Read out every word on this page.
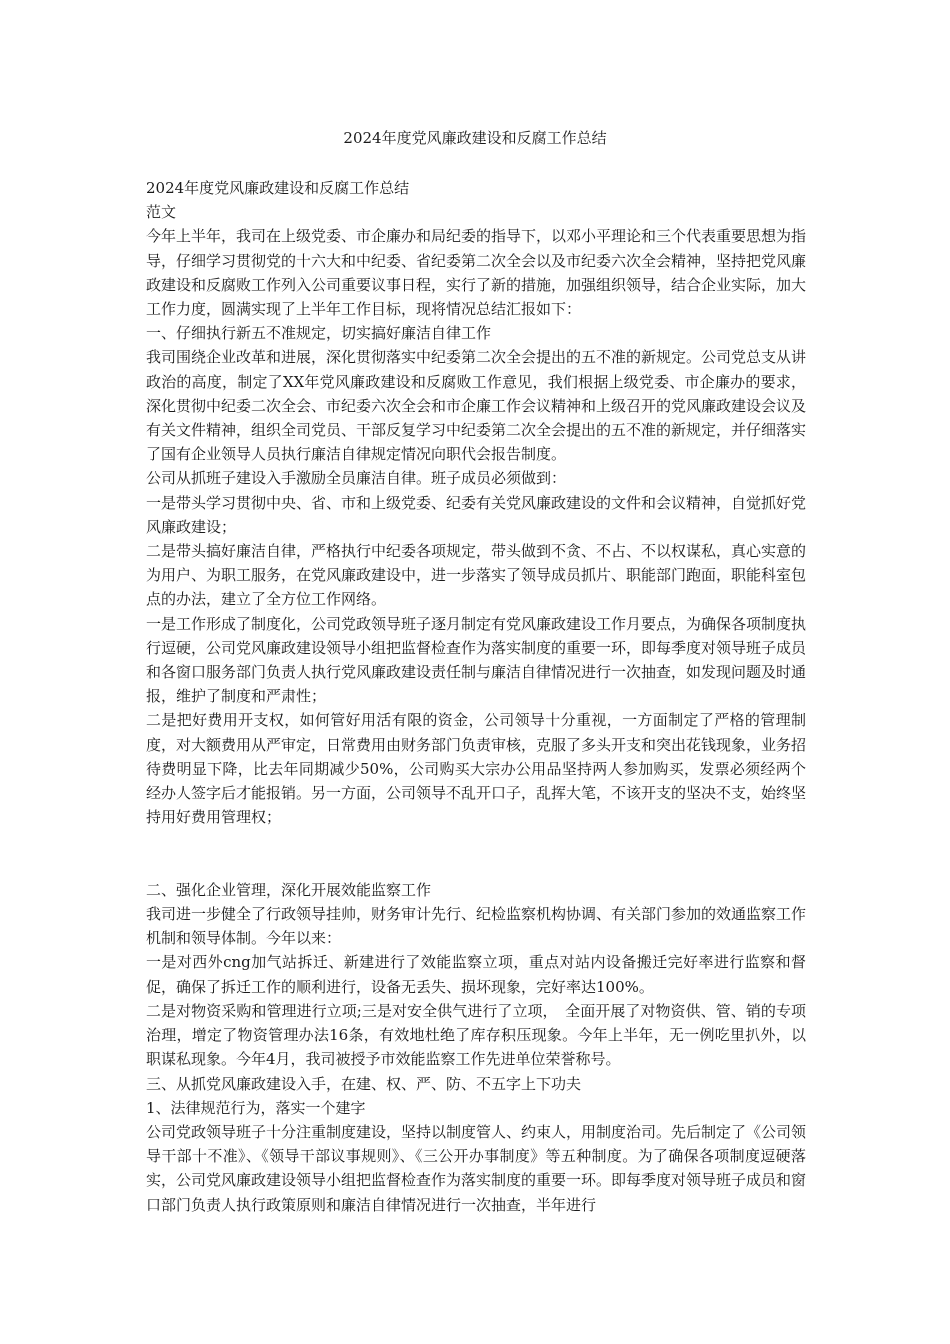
2024年度党风廉政建设和反腐工作总结

2024年度党风廉政建设和反腐工作总结

范文

今年上半年，我司在上级党委、市企廉办和局纪委的指导下，以邓小平理论和三个代表重要思想为指导，仔细学习贯彻党的十六大和中纪委、省纪委第二次全会以及市纪委六次全会精神，坚持把党风廉政建设和反腐败工作列入公司重要议事日程，实行了新的措施，加强组织领导，结合企业实际，加大工作力度，圆满实现了上半年工作目标，现将情况总结汇报如下：

一、仔细执行新五不准规定，切实搞好廉洁自律工作

我司围绕企业改革和进展，深化贯彻落实中纪委第二次全会提出的五不准的新规定。公司党总支从讲政治的高度，制定了XX年党风廉政建设和反腐败工作意见，我们根据上级党委、市企廉办的要求，深化贯彻中纪委二次全会、市纪委六次全会和市企廉工作会议精神和上级召开的党风廉政建设会议及有关文件精神，组织全司党员、干部反复学习中纪委第二次全会提出的五不准的新规定，并仔细落实了国有企业领导人员执行廉洁自律规定情况向职代会报告制度。

公司从抓班子建设入手激励全员廉洁自律。班子成员必须做到：

一是带头学习贯彻中央、省、市和上级党委、纪委有关党风廉政建设的文件和会议精神，自觉抓好党风廉政建设；

二是带头搞好廉洁自律，严格执行中纪委各项规定，带头做到不贪、不占、不以权谋私，真心实意的为用户、为职工服务，在党风廉政建设中，进一步落实了领导成员抓片、职能部门跑面，职能科室包点的办法，建立了全方位工作网络。

一是工作形成了制度化，公司党政领导班子逐月制定有党风廉政建设工作月要点，为确保各项制度执行逗硬，公司党风廉政建设领导小组把监督检查作为落实制度的重要一环，即每季度对领导班子成员和各窗口服务部门负责人执行党风廉政建设责任制与廉洁自律情况进行一次抽查，如发现问题及时通报，维护了制度和严肃性；

二是把好费用开支权，如何管好用活有限的资金，公司领导十分重视，一方面制定了严格的管理制度，对大额费用从严审定，日常费用由财务部门负责审核，克服了多头开支和突出花钱现象，业务招待费明显下降，比去年同期减少50%，公司购买大宗办公用品坚持两人参加购买，发票必须经两个经办人签字后才能报销。另一方面，公司领导不乱开口子，乱挥大笔，不该开支的坚决不支，始终坚持用好费用管理权；

二、强化企业管理，深化开展效能监察工作

我司进一步健全了行政领导挂帅，财务审计先行、纪检监察机构协调、有关部门参加的效通监察工作机制和领导体制。今年以来：

一是对西外cng加气站拆迁、新建进行了效能监察立项，重点对站内设备搬迁完好率进行监察和督促，确保了拆迁工作的顺利进行，设备无丢失、损坏现象，完好率达100%。

二是对物资采购和管理进行立项;三是对安全供气进行了立项，　全面开展了对物资供、管、销的专项治理，增定了物资管理办法16条，有效地杜绝了库存积压现象。今年上半年，无一例吃里扒外，以职谋私现象。今年4月，我司被授予市效能监察工作先进单位荣誉称号。

三、从抓党风廉政建设入手，在建、权、严、防、不五字上下功夫

1、法律规范行为，落实一个建字

公司党政领导班子十分注重制度建设，坚持以制度管人、约束人，用制度治司。先后制定了《公司领导干部十不准》、《领导干部议事规则》、《三公开办事制度》等五种制度。为了确保各项制度逗硬落实，公司党风廉政建设领导小组把监督检查作为落实制度的重要一环。即每季度对领导班子成员和窗口部门负责人执行政策原则和廉洁自律情况进行一次抽查，半年进行
